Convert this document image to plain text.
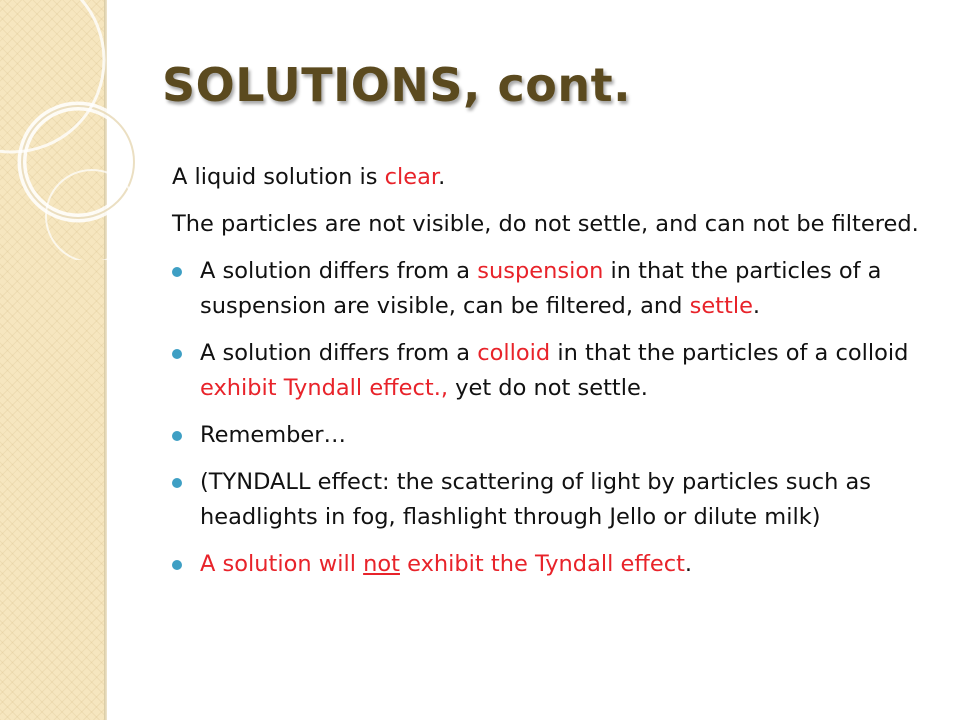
SOLUTIONS, cont.

A liquid solution is clear.

The particles are not visible, do not settle, and can not be filtered.

A solution differs from a suspension in that the particles of a suspension are visible, can be filtered, and settle.
A solution differs from a colloid in that the particles of a colloid exhibit Tyndall effect., yet do not settle.
Remember…
(TYNDALL effect: the scattering of light by particles such as headlights in fog, flashlight through Jello or dilute milk)
A solution will not exhibit the Tyndall effect.
